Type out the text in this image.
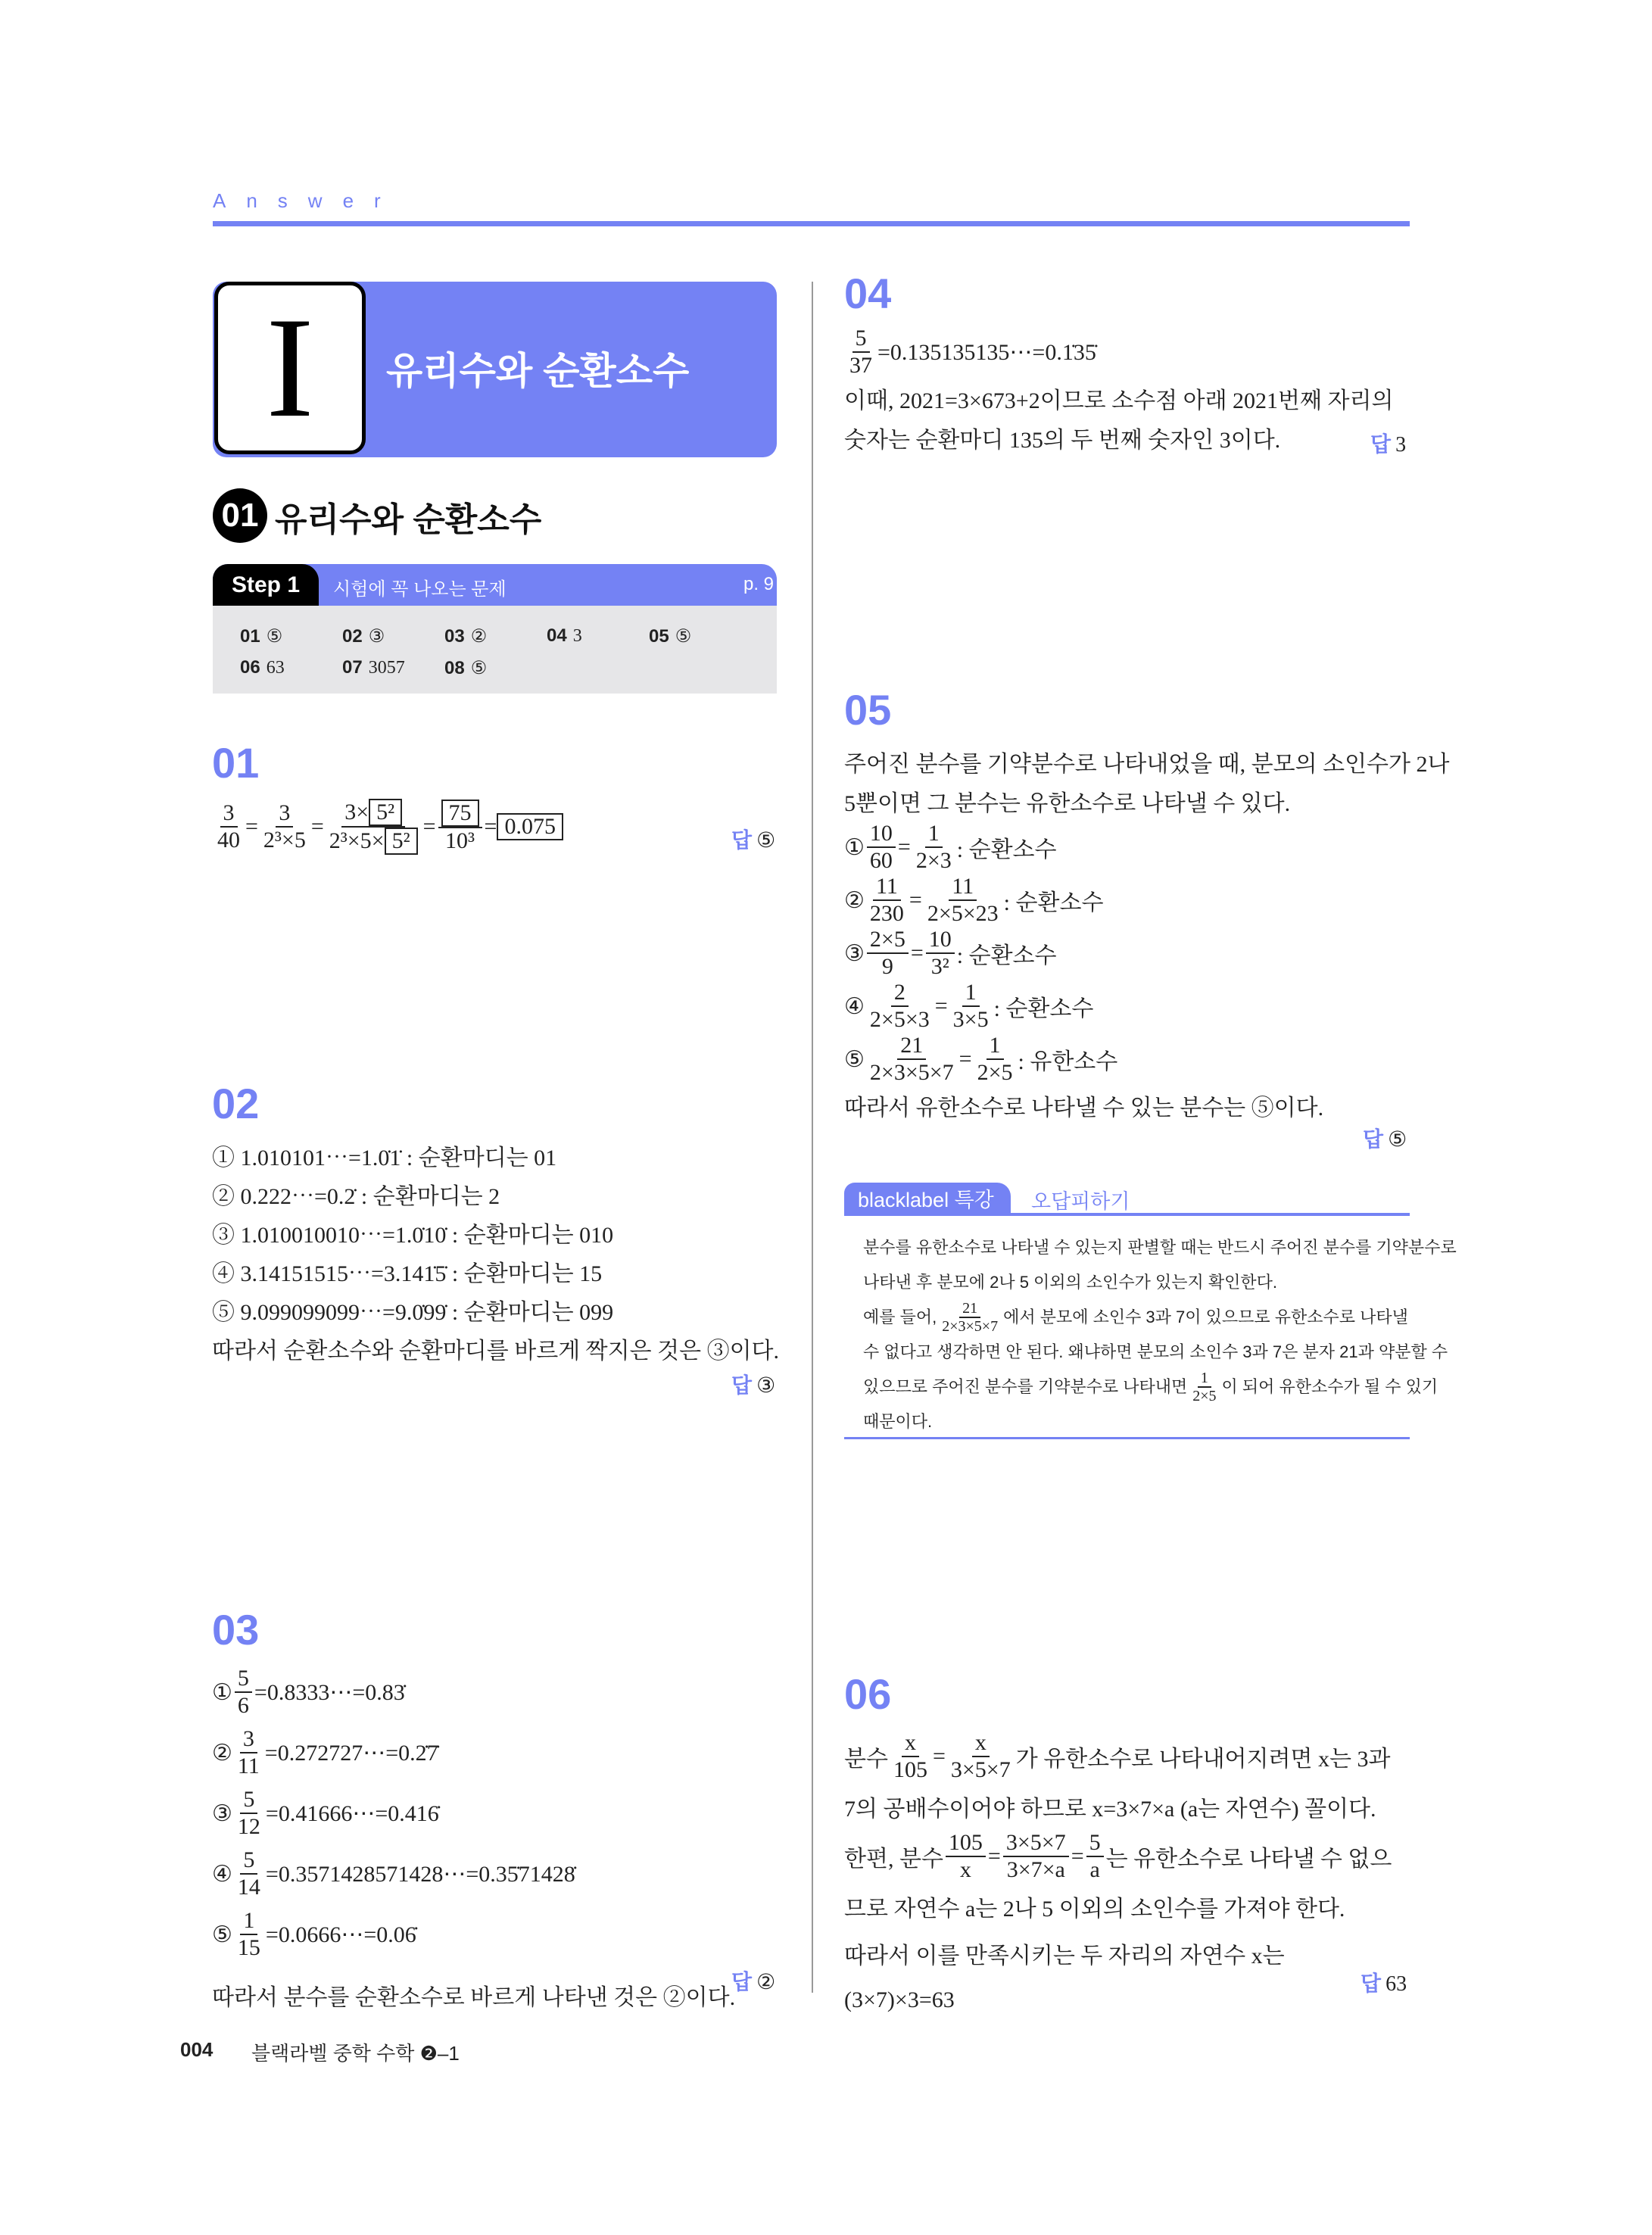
Answer
I	유리수와 순환소수
01 유리수와 순환소수
Step 1	시험에 꼭 나오는 문제	p. 9
01 ⑤	02 ③	03 ②	04 3	05 ⑤
06 63	07 3057 08 ⑤
01
$\frac{3}{40} = \frac{3}{\text{2³×5}} = \frac{\text{3× 5²}}{\text{2³×5× 5²}} = \frac{75}{\text{10³}} = 0.075$
답 ⑤
02
① 1.010101⋯=1.0̇1̇ : 순환마디는 01
② 0.222⋯=0.2̇ : 순환마디는 2
③ 1.010010010⋯=1.0̇10̇ : 순환마디는 010
④ 3.14151515⋯=3.141̇5̇ : 순환마디는 15
⑤ 9.099099099⋯=9.0̇99̇ : 순환마디는 099
따라서 순환소수와 순환마디를 바르게 짝지은 것은 ③이다.
답 ③
03
① $\frac{5}{6}$ =0.8333⋯=0.83̇
② $\frac{3}{11}$ =0.272727⋯=0.2̇7̇
③ $\frac{5}{12}$ =0.41666⋯=0.416̇
④ $\frac{5}{14}$ =0.3571428571428⋯=0.35̇71428̇
⑤ $\frac{1}{15}$ =0.0666⋯=0.06̇
따라서 분수를 순환소수로 바르게 나타낸 것은 ②이다.
답 ②
04
$\frac{5}{37}$ =0.135135135⋯=0.1̇35̇
이때, 2021=3×673+2이므로 소수점 아래 2021번째 자리의
숫자는 순환마디 135의 두 번째 숫자인 3이다.	답 3
05
주어진 분수를 기약분수로 나타내었을 때, 분모의 소인수가 2나
5뿐이면 그 분수는 유한소수로 나타낼 수 있다.
① $\frac{10}{60} = \frac{1}{2\times 3}$ : 순환소수
② $\frac{11}{230} = \frac{11}{2\times 5\times 23}$ : 순환소수
③ $\frac{2\times 5}{9} = \frac{10}{\text{3²}}$ : 순환소수
④ $\frac{2}{2\times 5\times 3} = \frac{1}{3\times 5}$ : 순환소수
⑤ $\frac{21}{2\times 3\times 5\times 7} = \frac{1}{2\times 5}$ : 유한소수
따라서 유한소수로 나타낼 수 있는 분수는 ⑤이다.
답 ⑤
blacklabel 특강	오답피하기
분수를 유한소수로 나타낼 수 있는지 판별할 때는 반드시 주어진 분수를 기약분수로
나타낸 후 분모에 2나 5 이외의 소인수가 있는지 확인한다.
예를 들어, $\frac{21}{2\times 3\times 5\times 7}$ 에서 분모에 소인수 3과 7이 있으므로 유한소수로 나타낼
수 없다고 생각하면 안 된다. 왜냐하면 분모의 소인수 3과 7은 분자 21과 약분할 수
있으므로 주어진 분수를 기약분수로 나타내면 $\frac{1}{2\times 5}$ 이 되어 유한소수가 될 수 있기
때문이다.
06
분수 $\frac{x}{105} = \frac{x}{3\times 5\times 7}$ 가 유한소수로 나타내어지려면 x는 3과
7의 공배수이어야 하므로 x=3×7×a (a는 자연수) 꼴이다.
한편, 분수 $\frac{105}{x} = \frac{3\times 5\times 7}{3\times 7\times a} = \frac{5}{a}$ 는 유한소수로 나타낼 수 없으
므로 자연수 a는 2나 5 이외의 소인수를 가져야 한다.
따라서 이를 만족시키는 두 자리의 자연수 x는
(3×7)×3=63
답 63
004 블랙라벨 중학 수학 ❷–1
